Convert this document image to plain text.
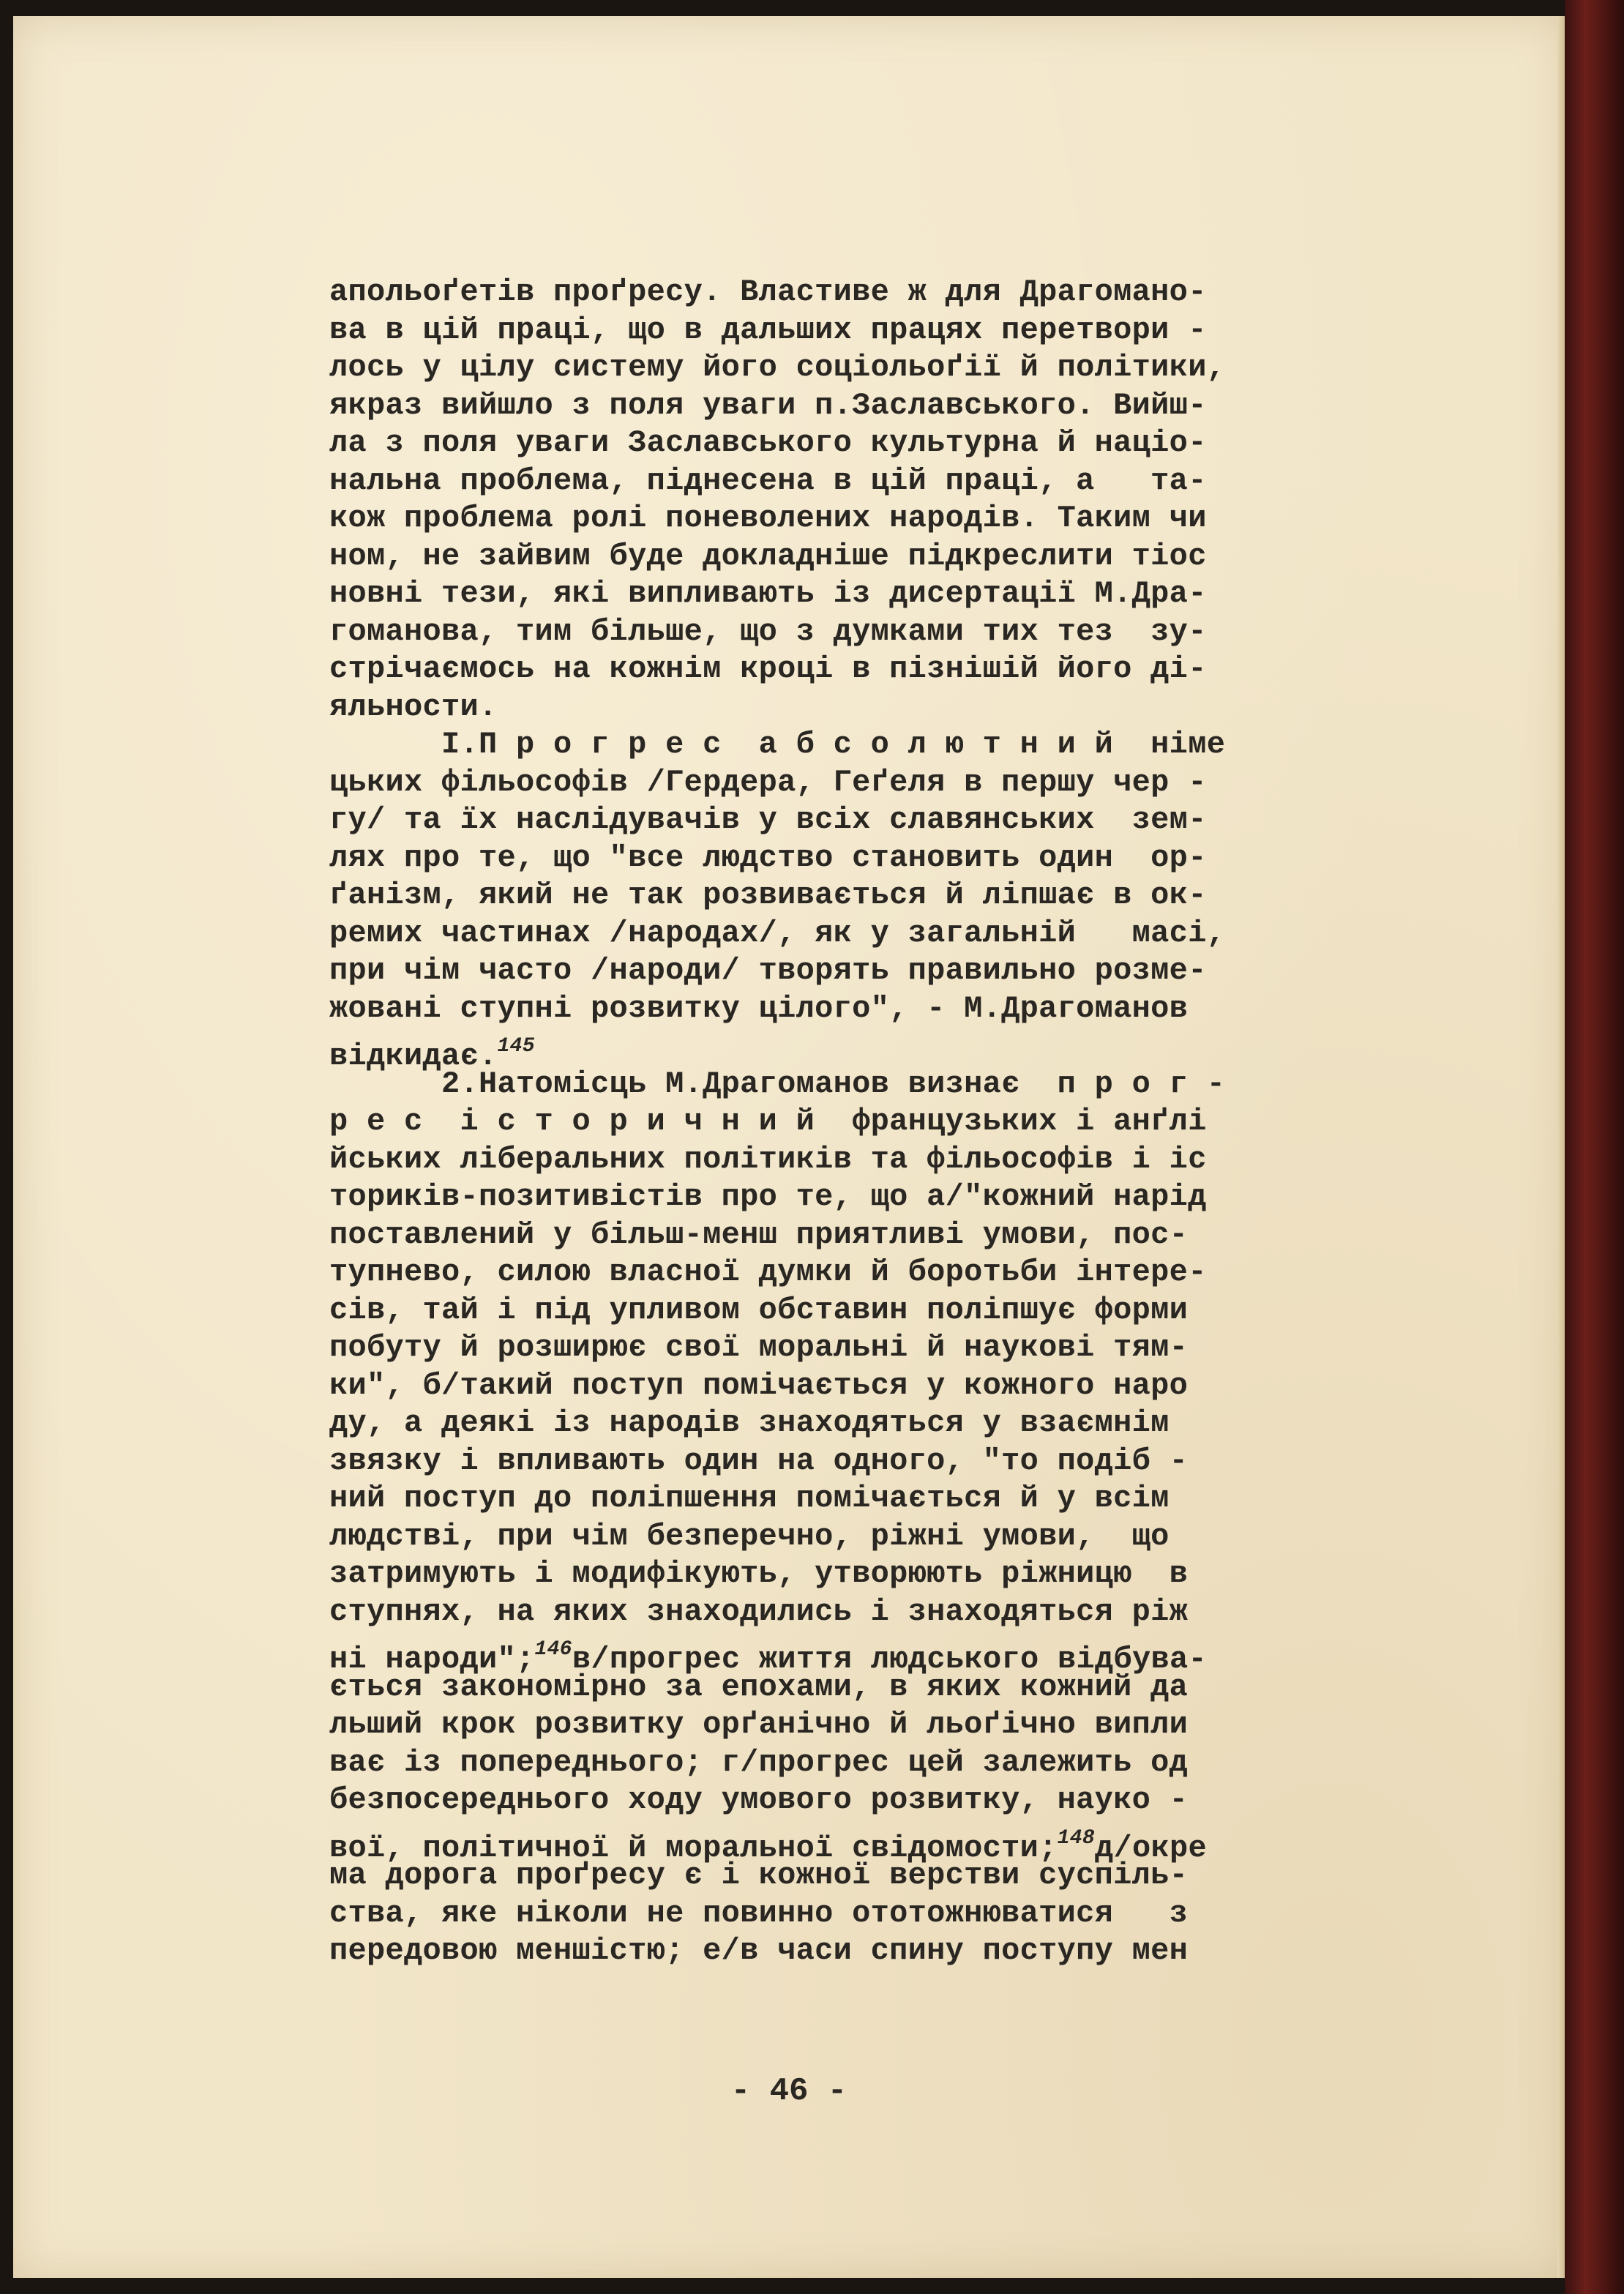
апольоґетів проґресу. Властиве ж для Драгомано-
ва в цій праці, що в дальших працях перетвори -
лось у цілу систему його соціольоґії й політики,
якраз вийшло з поля уваги п.Заславського. Вийш-
ла з поля уваги Заславського культурна й націо-
нальна проблема, піднесена в цій праці, а   та-
кож проблема ролі поневолених народів. Таким чи
ном, не зайвим буде докладніше підкреслити тіос
новні тези, які випливають із дисертації М.Дра-
гоманова, тим більше, що з думками тих тез  зу-
стрічаємось на кожнім кроці в пізнішій його ді-
яльности.
І.П р о г р е с  а б с о л ю т н и й  німе
цьких фільософів /Гердера, Геґеля в першу чер -
гу/ та їх наслідувачів у всіх славянських  зем-
лях про те, що "все людство становить один  ор-
ґанізм, який не так розвивається й ліпшає в ок-
ремих частинах /народах/, як у загальній   масі,
при чім часто /народи/ творять правильно розме-
жовані ступні розвитку цілого", - М.Драгоманов
відкидає.$^{145}$
2.Натомісць М.Драгоманов визнає  п р о г -
р е с  і с т о р и ч н и й  французьких і анґлі
йських ліберальних політиків та фільософів і іс
ториків-позитивістів про те, що а/"кожний нарід
поставлений у більш-менш приятливі умови, пос-
тупнево, силою власної думки й боротьби інтере-
сів, тай і під упливом обставин поліпшує форми
побуту й розширює свої моральні й наукові тям-
ки", б/такий поступ помічається у кожного наро
ду, а деякі із народів знаходяться у взаємнім
звязку і впливають один на одного, "то подіб -
ний поступ до поліпшення помічається й у всім
людстві, при чім безперечно, ріжні умови,  що
затримують і модифікують, утворюють ріжницю  в
ступнях, на яких знаходились і знаходяться ріж
ні народи";$^{146}$в/прогрес життя людського відбува-
ється закономірно за епохами, в яких кожний да
льший крок розвитку орґанічно й льоґічно випли
ває із попереднього; г/прогрес цей залежить од
безпосереднього ходу умового розвитку, науко -
вої, політичної й моральної свідомости;$^{148}$д/окре
ма дорога проґресу є і кожної верстви суспіль-
ства, яке ніколи не повинно ототожнюватися   з
передовою меншістю; е/в часи спину поступу мен
- 46 -
